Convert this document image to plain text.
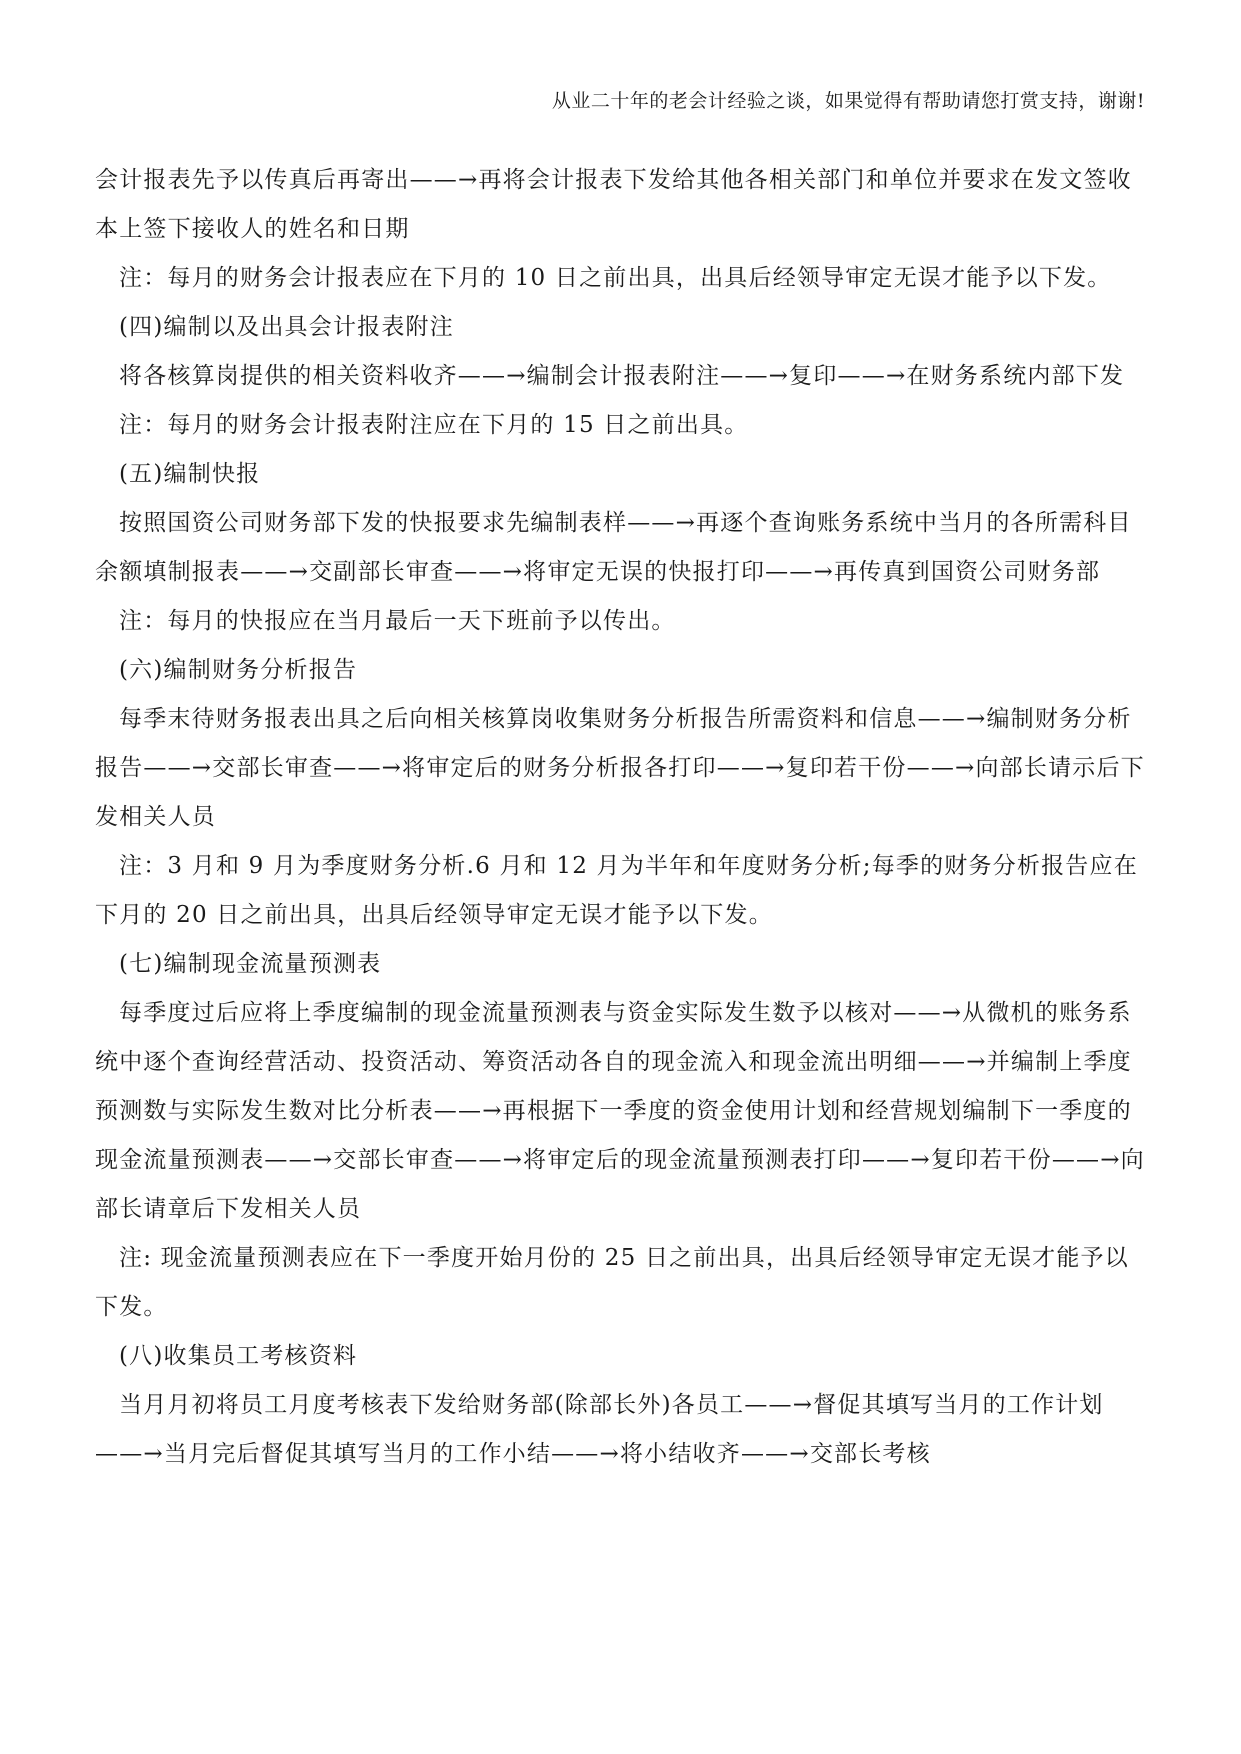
从业二十年的老会计经验之谈，如果觉得有帮助请您打赏支持，谢谢!

会计报表先予以传真后再寄出——→再将会计报表下发给其他各相关部门和单位并要求在发文签收本上签下接收人的姓名和日期

注：每月的财务会计报表应在下月的 10 日之前出具，出具后经领导审定无误才能予以下发。

(四)编制以及出具会计报表附注

将各核算岗提供的相关资料收齐——→编制会计报表附注——→复印——→在财务系统内部下发

注：每月的财务会计报表附注应在下月的 15 日之前出具。

(五)编制快报

按照国资公司财务部下发的快报要求先编制表样——→再逐个查询账务系统中当月的各所需科目余额填制报表——→交副部长审查——→将审定无误的快报打印——→再传真到国资公司财务部

注：每月的快报应在当月最后一天下班前予以传出。

(六)编制财务分析报告

每季末待财务报表出具之后向相关核算岗收集财务分析报告所需资料和信息——→编制财务分析报告——→交部长审查——→将审定后的财务分析报各打印——→复印若干份——→向部长请示后下发相关人员

注：3 月和 9 月为季度财务分析.6 月和 12 月为半年和年度财务分析;每季的财务分析报告应在下月的 20 日之前出具，出具后经领导审定无误才能予以下发。

(七)编制现金流量预测表

每季度过后应将上季度编制的现金流量预测表与资金实际发生数予以核对——→从微机的账务系统中逐个查询经营活动、投资活动、筹资活动各自的现金流入和现金流出明细——→并编制上季度预测数与实际发生数对比分析表——→再根据下一季度的资金使用计划和经营规划编制下一季度的现金流量预测表——→交部长审查——→将审定后的现金流量预测表打印——→复印若干份——→向部长请章后下发相关人员

注: 现金流量预测表应在下一季度开始月份的 25 日之前出具，出具后经领导审定无误才能予以下发。

(八)收集员工考核资料

当月月初将员工月度考核表下发给财务部(除部长外)各员工——→督促其填写当月的工作计划——→当月完后督促其填写当月的工作小结——→将小结收齐——→交部长考核
